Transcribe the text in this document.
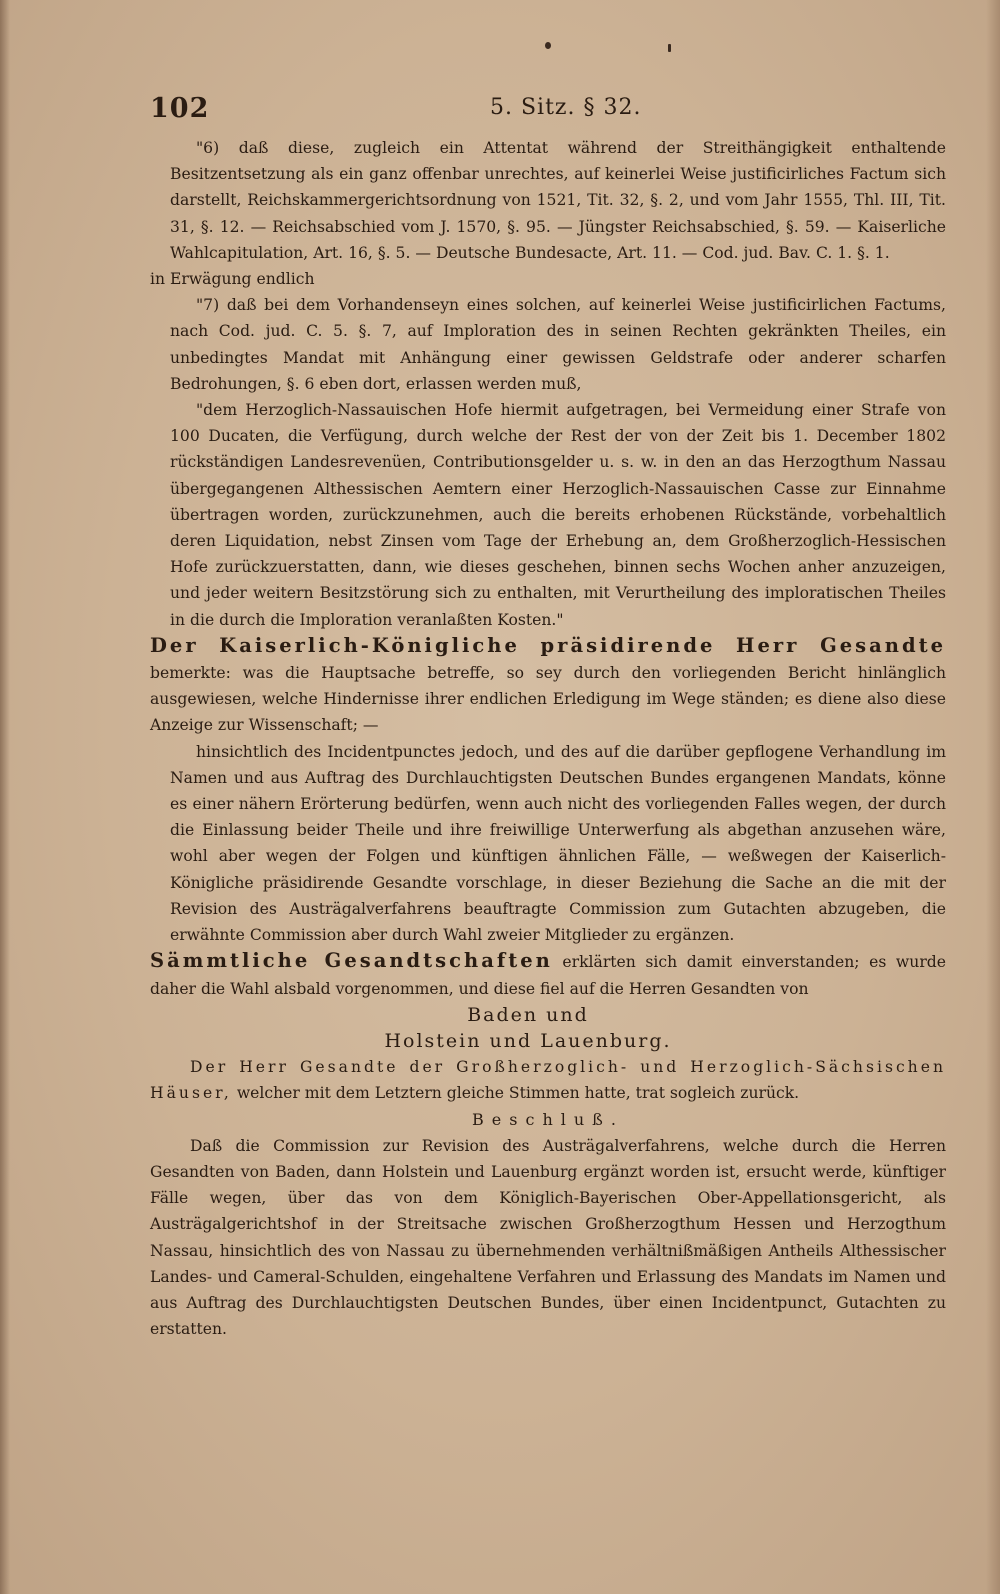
102	5. Sitz. § 32.

"6) daß diese, zugleich ein Attentat während der Streithängigkeit enthaltende Besitzentsetzung als ein ganz offenbar unrechtes, auf keinerlei Weise justificirliches Factum sich darstellt, Reichskammergerichtsordnung von 1521, Tit. 32, §. 2, und vom Jahr 1555, Thl. III, Tit. 31, §. 12. — Reichsabschied vom J. 1570, §. 95. — Jüngster Reichsabschied, §. 59. — Kaiserliche Wahlcapitulation, Art. 16, §. 5. — Deutsche Bundesacte, Art. 11. — Cod. jud. Bav. C. 1. §. 1.

in Erwägung endlich

"7) daß bei dem Vorhandenseyn eines solchen, auf keinerlei Weise justificirlichen Factums, nach Cod. jud. C. 5. §. 7, auf Imploration des in seinen Rechten gekränkten Theiles, ein unbedingtes Mandat mit Anhängung einer gewissen Geldstrafe oder anderer scharfen Bedrohungen, §. 6 eben dort, erlassen werden muß,

"dem Herzoglich-Nassauischen Hofe hiermit aufgetragen, bei Vermeidung einer Strafe von 100 Ducaten, die Verfügung, durch welche der Rest der von der Zeit bis 1. December 1802 rückständigen Landesrevenüen, Contributionsgelder u. s. w. in den an das Herzogthum Nassau übergegangenen Althessischen Aemtern einer Herzoglich-Nassauischen Casse zur Einnahme übertragen worden, zurückzunehmen, auch die bereits erhobenen Rückstände, vorbehaltlich deren Liquidation, nebst Zinsen vom Tage der Erhebung an, dem Großherzoglich-Hessischen Hofe zurückzuerstatten, dann, wie dieses geschehen, binnen sechs Wochen anher anzuzeigen, und jeder weitern Besitzstörung sich zu enthalten, mit Verurtheilung des imploratischen Theiles in die durch die Imploration veranlaßten Kosten."

Der Kaiserlich-Königliche präsidirende Herr Gesandte bemerkte: was die Hauptsache betreffe, so sey durch den vorliegenden Bericht hinlänglich ausgewiesen, welche Hindernisse ihrer endlichen Erledigung im Wege ständen; es diene also diese Anzeige zur Wissenschaft; —

hinsichtlich des Incidentpunctes jedoch, und des auf die darüber gepflogene Verhandlung im Namen und aus Auftrag des Durchlauchtigsten Deutschen Bundes ergangenen Mandats, könne es einer nähern Erörterung bedürfen, wenn auch nicht des vorliegenden Falles wegen, der durch die Einlassung beider Theile und ihre freiwillige Unterwerfung als abgethan anzusehen wäre, wohl aber wegen der Folgen und künftigen ähnlichen Fälle, — weßwegen der Kaiserlich-Königliche präsidirende Gesandte vorschlage, in dieser Beziehung die Sache an die mit der Revision des Austrägalverfahrens beauftragte Commission zum Gutachten abzugeben, die erwähnte Commission aber durch Wahl zweier Mitglieder zu ergänzen.

Sämmtliche Gesandtschaften erklärten sich damit einverstanden; es wurde daher die Wahl alsbald vorgenommen, und diese fiel auf die Herren Gesandten von

Baden und

Holstein und Lauenburg.

Der Herr Gesandte der Großherzoglich- und Herzoglich-Sächsischen Häuser, welcher mit dem Letztern gleiche Stimmen hatte, trat sogleich zurück.

Beschluß.

Daß die Commission zur Revision des Austrägalverfahrens, welche durch die Herren Gesandten von Baden, dann Holstein und Lauenburg ergänzt worden ist, ersucht werde, künftiger Fälle wegen, über das von dem Königlich-Bayerischen Ober-Appellationsgericht, als Austrägalgerichtshof in der Streitsache zwischen Großherzogthum Hessen und Herzogthum Nassau, hinsichtlich des von Nassau zu übernehmenden verhältnißmäßigen Antheils Althessischer Landes- und Cameral-Schulden, eingehaltene Verfahren und Erlassung des Mandats im Namen und aus Auftrag des Durchlauchtigsten Deutschen Bundes, über einen Incidentpunct, Gutachten zu erstatten.
